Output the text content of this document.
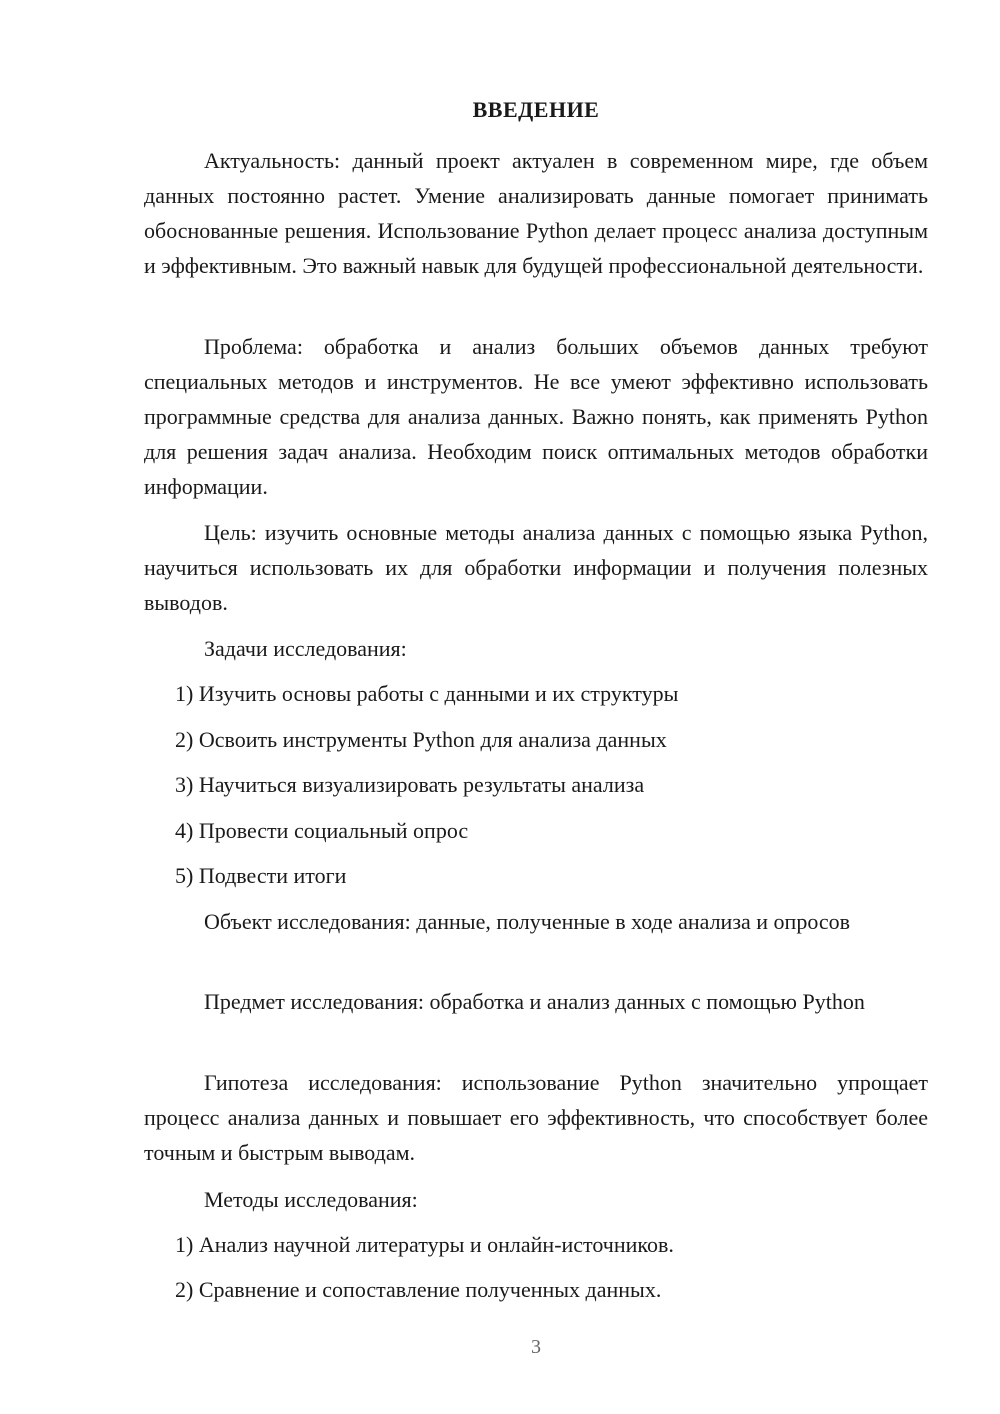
ВВЕДЕНИЕ

Актуальность: данный проект актуален в современном мире, где объем данных постоянно растет. Умение анализировать данные помогает принимать обоснованные решения. Использование Python делает процесс анализа доступным и эффективным. Это важный навык для будущей профессиональной деятельности.

Проблема: обработка и анализ больших объемов данных требуют специальных методов и инструментов. Не все умеют эффективно использовать программные средства для анализа данных. Важно понять, как применять Python для решения задач анализа. Необходим поиск оптимальных методов обработки информации.

Цель: изучить основные методы анализа данных с помощью языка Python, научиться использовать их для обработки информации и получения полезных выводов.

Задачи исследования:

1) Изучить основы работы с данными и их структуры

2) Освоить инструменты Python для анализа данных

3) Научиться визуализировать результаты анализа

4) Провести социальный опрос

5) Подвести итоги

Объект исследования: данные, полученные в ходе анализа и опросов

Предмет исследования: обработка и анализ данных с помощью Python

Гипотеза исследования: использование Python значительно упрощает процесс анализа данных и повышает его эффективность, что способствует более точным и быстрым выводам.

Методы исследования:

1) Анализ научной литературы и онлайн-источников.

2) Сравнение и сопоставление полученных данных.

3
